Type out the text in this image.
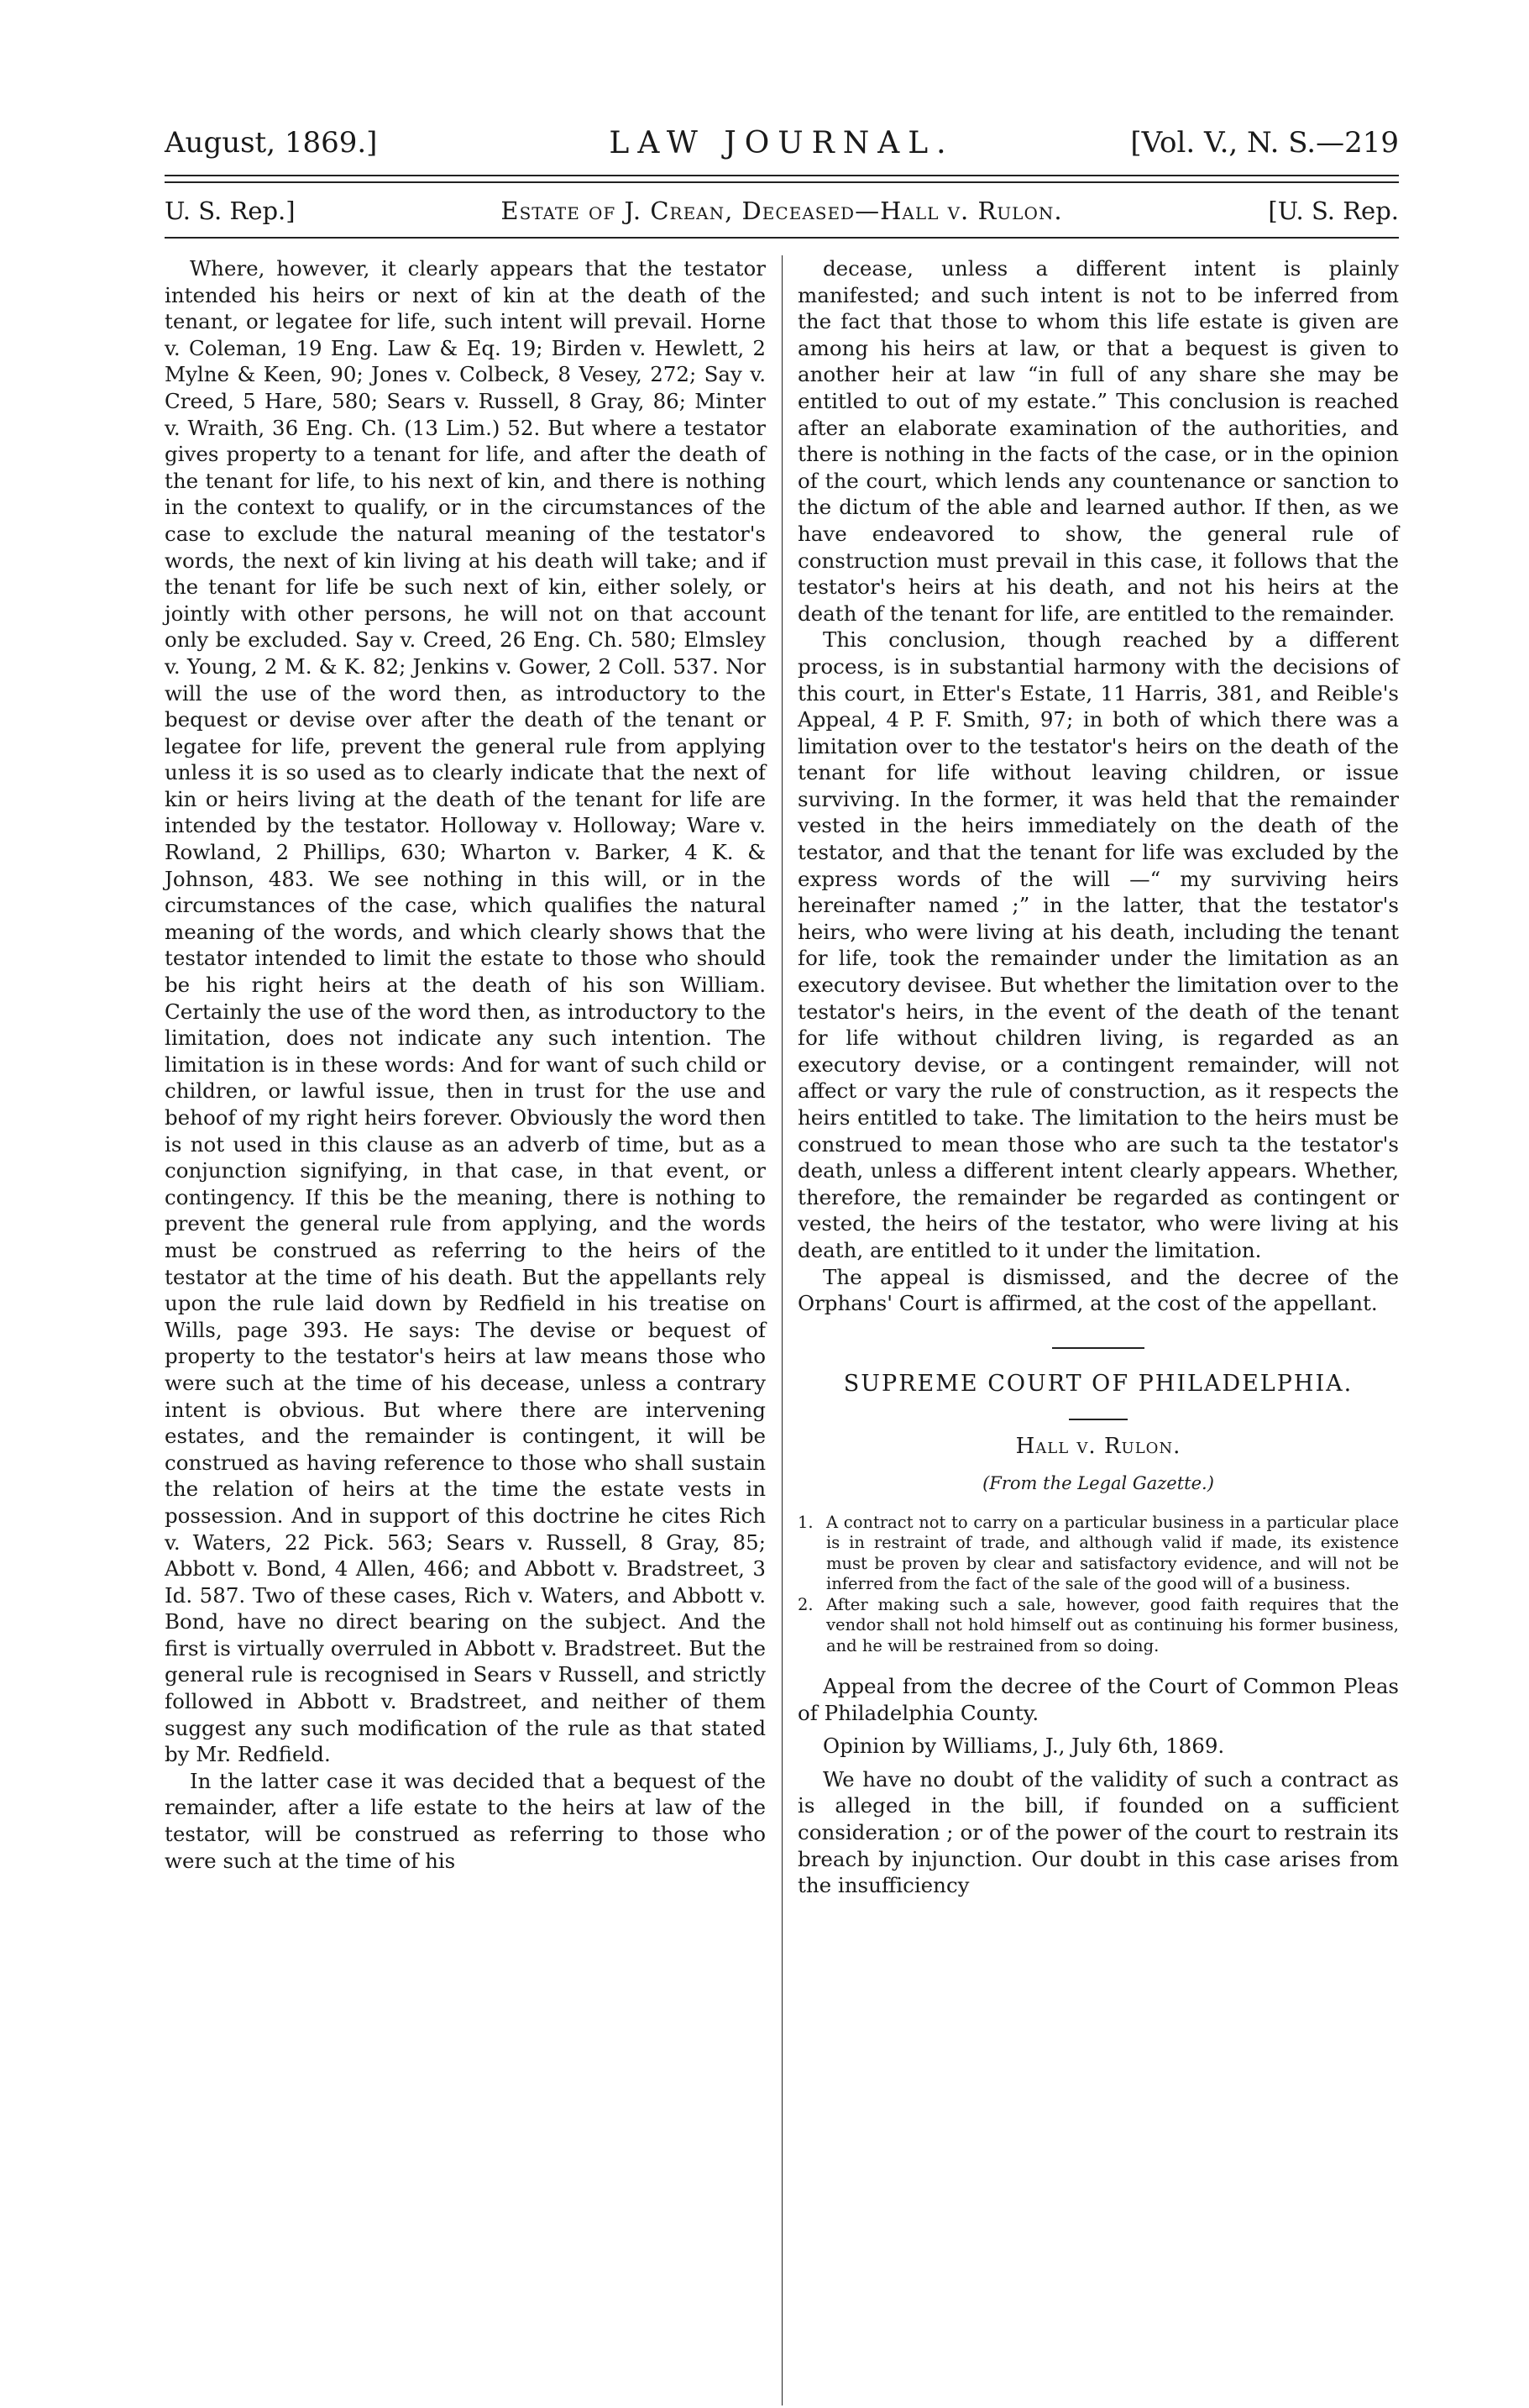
August, 1869.]	LAW JOURNAL.	[Vol. V., N. S.—219
U. S. Rep.]	Estate of J. Crean, Deceased—Hall v. Rulon.	[U. S. Rep.

Where, however, it clearly appears that the testator intended his heirs or next of kin at the death of the tenant, or legatee for life, such intent will prevail. Horne v. Coleman, 19 Eng. Law & Eq. 19; Birden v. Hewlett, 2 Mylne & Keen, 90; Jones v. Colbeck, 8 Vesey, 272; Say v. Creed, 5 Hare, 580; Sears v. Russell, 8 Gray, 86; Minter v. Wraith, 36 Eng. Ch. (13 Lim.) 52. But where a testator gives property to a tenant for life, and after the death of the tenant for life, to his next of kin, and there is nothing in the context to qualify, or in the circumstances of the case to exclude the natural meaning of the testator's words, the next of kin living at his death will take; and if the tenant for life be such next of kin, either solely, or jointly with other persons, he will not on that account only be excluded. Say v. Creed, 26 Eng. Ch. 580; Elmsley v. Young, 2 M. & K. 82; Jenkins v. Gower, 2 Coll. 537. Nor will the use of the word then, as introductory to the bequest or devise over after the death of the tenant or legatee for life, prevent the general rule from applying unless it is so used as to clearly indicate that the next of kin or heirs living at the death of the tenant for life are intended by the testator. Holloway v. Holloway; Ware v. Rowland, 2 Phillips, 630; Wharton v. Barker, 4 K. & Johnson, 483. We see nothing in this will, or in the circumstances of the case, which qualifies the natural meaning of the words, and which clearly shows that the testator intended to limit the estate to those who should be his right heirs at the death of his son William. Certainly the use of the word then, as introductory to the limitation, does not indicate any such intention. The limitation is in these words: And for want of such child or children, or lawful issue, then in trust for the use and behoof of my right heirs forever. Obviously the word then is not used in this clause as an adverb of time, but as a conjunction signifying, in that case, in that event, or contingency. If this be the meaning, there is nothing to prevent the general rule from applying, and the words must be construed as referring to the heirs of the testator at the time of his death. But the appellants rely upon the rule laid down by Redfield in his treatise on Wills, page 393. He says: The devise or bequest of property to the testator's heirs at law means those who were such at the time of his decease, unless a contrary intent is obvious. But where there are intervening estates, and the remainder is contingent, it will be construed as having reference to those who shall sustain the relation of heirs at the time the estate vests in possession. And in support of this doctrine he cites Rich v. Waters, 22 Pick. 563; Sears v. Russell, 8 Gray, 85; Abbott v. Bond, 4 Allen, 466; and Abbott v. Bradstreet, 3 Id. 587. Two of these cases, Rich v. Waters, and Abbott v. Bond, have no direct bearing on the subject. And the first is virtually overruled in Abbott v. Bradstreet. But the general rule is recognised in Sears v Russell, and strictly followed in Abbott v. Bradstreet, and neither of them suggest any such modification of the rule as that stated by Mr. Redfield.

In the latter case it was decided that a bequest of the remainder, after a life estate to the heirs at law of the testator, will be construed as referring to those who were such at the time of his

decease, unless a different intent is plainly manifested; and such intent is not to be inferred from the fact that those to whom this life estate is given are among his heirs at law, or that a bequest is given to another heir at law “in full of any share she may be entitled to out of my estate.” This conclusion is reached after an elaborate examination of the authorities, and there is nothing in the facts of the case, or in the opinion of the court, which lends any countenance or sanction to the dictum of the able and learned author. If then, as we have endeavored to show, the general rule of construction must prevail in this case, it follows that the testator's heirs at his death, and not his heirs at the death of the tenant for life, are entitled to the remainder.

This conclusion, though reached by a different process, is in substantial harmony with the decisions of this court, in Etter's Estate, 11 Harris, 381, and Reible's Appeal, 4 P. F. Smith, 97; in both of which there was a limitation over to the testator's heirs on the death of the tenant for life without leaving children, or issue surviving. In the former, it was held that the remainder vested in the heirs immediately on the death of the testator, and that the tenant for life was excluded by the express words of the will —“ my surviving heirs hereinafter named ;” in the latter, that the testator's heirs, who were living at his death, including the tenant for life, took the remainder under the limitation as an executory devisee. But whether the limitation over to the testator's heirs, in the event of the death of the tenant for life without children living, is regarded as an executory devise, or a contingent remainder, will not affect or vary the rule of construction, as it respects the heirs entitled to take. The limitation to the heirs must be construed to mean those who are such ta the testator's death, unless a different intent clearly appears. Whether, therefore, the remainder be regarded as contingent or vested, the heirs of the testator, who were living at his death, are entitled to it under the limitation.

The appeal is dismissed, and the decree of the Orphans' Court is affirmed, at the cost of the appellant.

SUPREME COURT OF PHILADELPHIA.
Hall v. Rulon.
(From the Legal Gazette.)
1. A contract not to carry on a particular business in a particular place is in restraint of trade, and although valid if made, its existence must be proven by clear and satisfactory evidence, and will not be inferred from the fact of the sale of the good will of a business.
2. After making such a sale, however, good faith requires that the vendor shall not hold himself out as continuing his former business, and he will be restrained from so doing.

Appeal from the decree of the Court of Common Pleas of Philadelphia County.

Opinion by Williams, J., July 6th, 1869.

We have no doubt of the validity of such a contract as is alleged in the bill, if founded on a sufficient consideration ; or of the power of the court to restrain its breach by injunction. Our doubt in this case arises from the insufficiency
